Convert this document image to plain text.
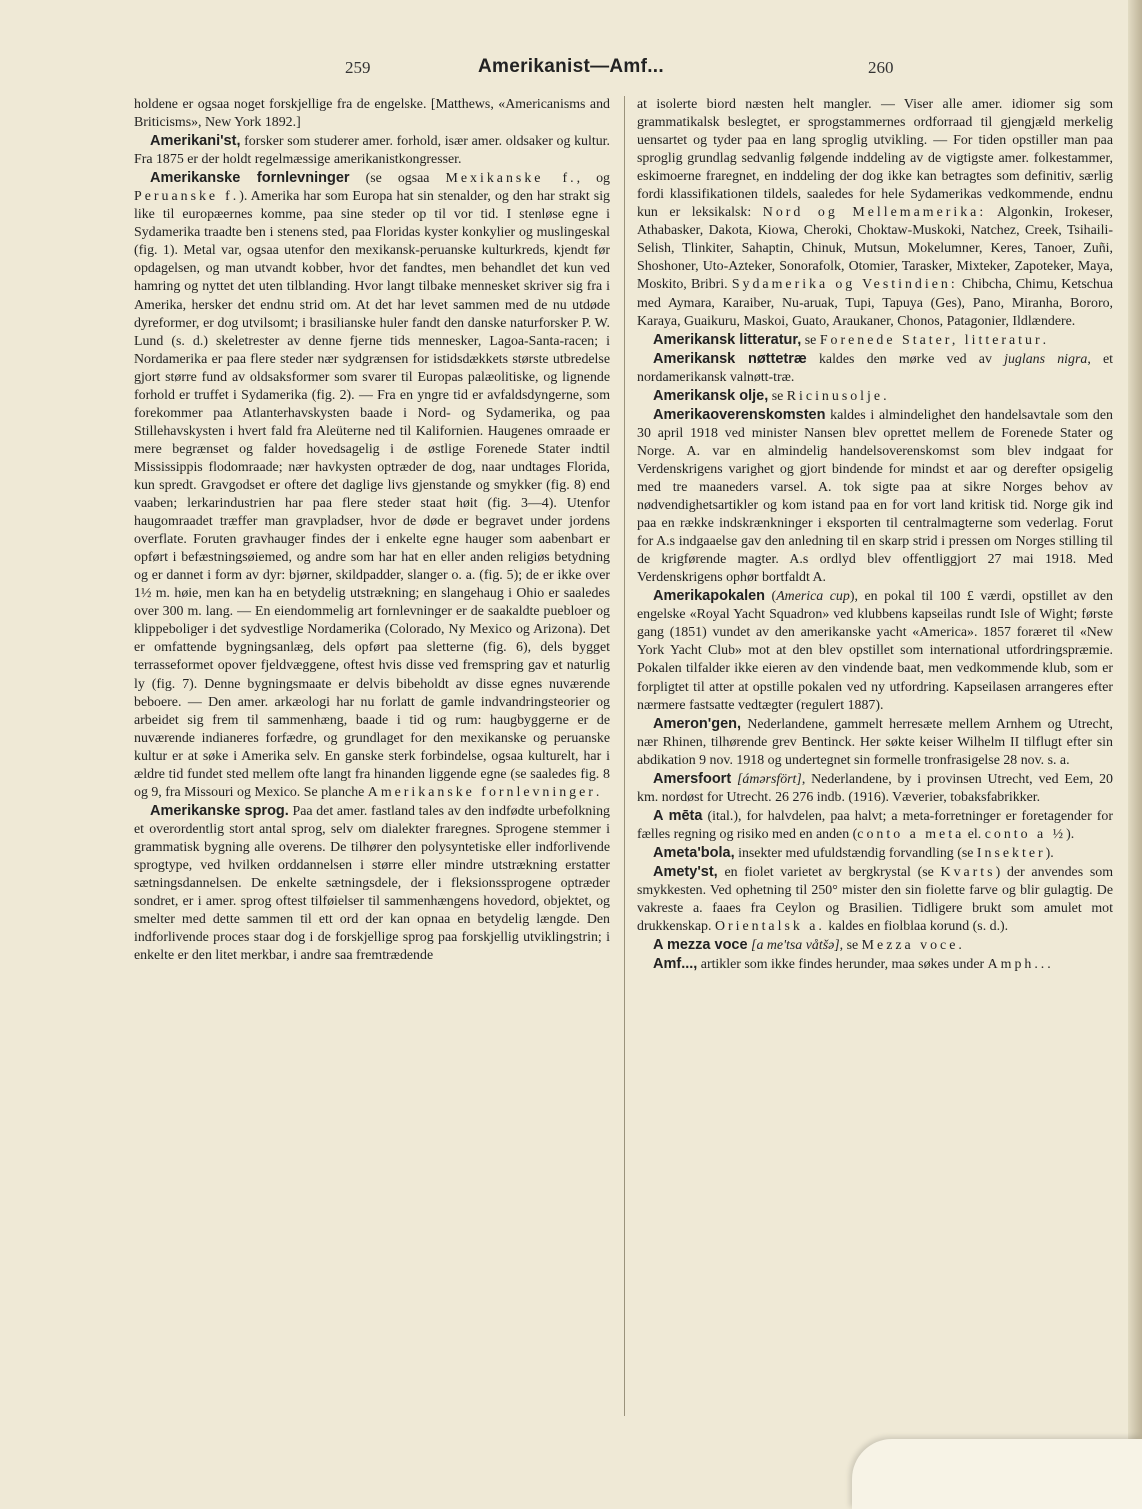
259	Amerikanist—Amf...	260

holdene er ogsaa noget forskjellige fra de engelske. [Matthews, «Americanisms and Briticisms», New York 1892.]

Amerikani'st, forsker som studerer amer. forhold, især amer. oldsaker og kultur. Fra 1875 er der holdt regelmæssige amerikanistkongresser.

Amerikanske fornlevninger (se ogsaa Mexikanske f., og Peruanske f.). Amerika har som Europa hat sin stenalder, og den har strakt sig like til europæernes komme, paa sine steder op til vor tid. I stenløse egne i Sydamerika traadte ben i stenens sted, paa Floridas kyster konkylier og muslingeskal (fig. 1). Metal var, ogsaa utenfor den mexikansk-peruanske kulturkreds, kjendt før opdagelsen, og man utvandt kobber, hvor det fandtes, men behandlet det kun ved hamring og nyttet det uten tilblanding. Hvor langt tilbake mennesket skriver sig fra i Amerika, hersker det endnu strid om. At det har levet sammen med de nu utdøde dyreformer, er dog utvilsomt; i brasilianske huler fandt den danske naturforsker P. W. Lund (s. d.) skeletrester av denne fjerne tids mennesker, Lagoa-Santa-racen; i Nordamerika er paa flere steder nær sydgrænsen for istidsdækkets største utbredelse gjort større fund av oldsaksformer som svarer til Europas palæolitiske, og lignende forhold er truffet i Sydamerika (fig. 2). — Fra en yngre tid er avfaldsdyngerne, som forekommer paa Atlanterhavskysten baade i Nord- og Sydamerika, og paa Stillehavskysten i hvert fald fra Aleüterne ned til Kalifornien. Haugenes omraade er mere begrænset og falder hovedsagelig i de østlige Forenede Stater indtil Mississippis flodomraade; nær havkysten optræder de dog, naar undtages Florida, kun spredt. Gravgodset er oftere det daglige livs gjenstande og smykker (fig. 8) end vaaben; lerkarindustrien har paa flere steder staat høit (fig. 3—4). Utenfor haugomraadet træffer man gravpladser, hvor de døde er begravet under jordens overflate. Foruten gravhauger findes der i enkelte egne hauger som aabenbart er opført i befæstningsøiemed, og andre som har hat en eller anden religiøs betydning og er dannet i form av dyr: bjørner, skildpadder, slanger o. a. (fig. 5); de er ikke over 1½ m. høie, men kan ha en betydelig utstrækning; en slangehaug i Ohio er saaledes over 300 m. lang. — En eiendommelig art fornlevninger er de saakaldte puebloer og klippeboliger i det sydvestlige Nordamerika (Colorado, Ny Mexico og Arizona). Det er omfattende bygningsanlæg, dels opført paa sletterne (fig. 6), dels bygget terrasseformet opover fjeldvæggene, oftest hvis disse ved fremspring gav et naturlig ly (fig. 7). Denne bygningsmaate er delvis bibeholdt av disse egnes nuværende beboere. — Den amer. arkæologi har nu forlatt de gamle indvandringsteorier og arbeidet sig frem til sammenhæng, baade i tid og rum: haugbyggerne er de nuværende indianeres forfædre, og grundlaget for den mexikanske og peruanske kultur er at søke i Amerika selv. En ganske sterk forbindelse, ogsaa kulturelt, har i ældre tid fundet sted mellem ofte langt fra hinanden liggende egne (se saaledes fig. 8 og 9, fra Missouri og Mexico. Se planche Amerikanske fornlevninger.

Amerikanske sprog. Paa det amer. fastland tales av den indfødte urbefolkning et overordentlig stort antal sprog, selv om dialekter fraregnes. Sprogene stemmer i grammatisk bygning alle overens. De tilhører den polysyntetiske eller indforlivende sprogtype, ved hvilken orddannelsen i større eller mindre utstrækning erstatter sætningsdannelsen. De enkelte sætningsdele, der i fleksionssprogene optræder sondret, er i amer. sprog oftest tilføielser til sammenhængens hovedord, objektet, og smelter med dette sammen til ett ord der kan opnaa en betydelig længde. Den indforlivende proces staar dog i de forskjellige sprog paa forskjellig utviklingstrin; i enkelte er den litet merkbar, i andre saa fremtrædende

at isolerte biord næsten helt mangler. — Viser alle amer. idiomer sig som grammatikalsk beslegtet, er sprogstammernes ordforraad til gjengjæld merkelig uensartet og tyder paa en lang sproglig utvikling. — For tiden opstiller man paa sproglig grundlag sedvanlig følgende inddeling av de vigtigste amer. folkestammer, eskimoerne fraregnet, en inddeling der dog ikke kan betragtes som definitiv, særlig fordi klassifikationen tildels, saaledes for hele Sydamerikas vedkommende, endnu kun er leksikalsk: Nord og Mellemamerika: Algonkin, Irokeser, Athabasker, Dakota, Kiowa, Cheroki, Choktaw-Muskoki, Natchez, Creek, Tsihaili-Selish, Tlinkiter, Sahaptin, Chinuk, Mutsun, Mokelumner, Keres, Tanoer, Zuñi, Shoshoner, Uto-Azteker, Sonorafolk, Otomier, Tarasker, Mixteker, Zapoteker, Maya, Moskito, Bribri. Sydamerika og Vestindien: Chibcha, Chimu, Ketschua med Aymara, Karaiber, Nu-aruak, Tupi, Tapuya (Ges), Pano, Miranha, Bororo, Karaya, Guaikuru, Maskoi, Guato, Araukaner, Chonos, Patagonier, Ildlændere.

Amerikansk litteratur, se Forenede Stater, litteratur.

Amerikansk nøttetræ kaldes den mørke ved av juglans nigra, et nordamerikansk valnøtt-træ.

Amerikansk olje, se Ricinusolje.

Amerikaoverenskomsten kaldes i almindelighet den handelsavtale som den 30 april 1918 ved minister Nansen blev oprettet mellem de Forenede Stater og Norge. A. var en almindelig handelsoverenskomst som blev indgaat for Verdenskrigens varighet og gjort bindende for mindst et aar og derefter opsigelig med tre maaneders varsel. A. tok sigte paa at sikre Norges behov av nødvendighetsartikler og kom istand paa en for vort land kritisk tid. Norge gik ind paa en række indskrænkninger i eksporten til centralmagterne som vederlag. Forut for A.s indgaaelse gav den anledning til en skarp strid i pressen om Norges stilling til de krigførende magter. A.s ordlyd blev offentliggjort 27 mai 1918. Med Verdenskrigens ophør bortfaldt A.

Amerikapokalen (America cup), en pokal til 100 £ værdi, opstillet av den engelske «Royal Yacht Squadron» ved klubbens kapseilas rundt Isle of Wight; første gang (1851) vundet av den amerikanske yacht «America». 1857 foræret til «New York Yacht Club» mot at den blev opstillet som international utfordringspræmie. Pokalen tilfalder ikke eieren av den vindende baat, men vedkommende klub, som er forpligtet til atter at opstille pokalen ved ny utfordring. Kapseilasen arrangeres efter nærmere fastsatte vedtægter (regulert 1887).

Ameron'gen, Nederlandene, gammelt herresæte mellem Arnhem og Utrecht, nær Rhinen, tilhørende grev Bentinck. Her søkte keiser Wilhelm II tilflugt efter sin abdikation 9 nov. 1918 og undertegnet sin formelle tronfrasigelse 28 nov. s. a.

Amersfoort [ámərsfört], Nederlandene, by i provinsen Utrecht, ved Eem, 20 km. nordøst for Utrecht. 26 276 indb. (1916). Væverier, tobaksfabrikker.

A mēta (ital.), for halvdelen, paa halvt; a meta-forretninger er foretagender for fælles regning og risiko med en anden (conto a meta el. conto a ½).

Ameta'bola, insekter med ufuldstændig forvandling (se Insekter).

Amety'st, en fiolet varietet av bergkrystal (se Kvarts) der anvendes som smykkesten. Ved ophetning til 250° mister den sin fiolette farve og blir gulagtig. De vakreste a. faaes fra Ceylon og Brasilien. Tidligere brukt som amulet mot drukkenskap. Orientalsk a. kaldes en fiolblaa korund (s. d.).

A mezza voce [a me'tsa våtšə], se Mezza voce.

Amf..., artikler som ikke findes herunder, maa søkes under Amph...
